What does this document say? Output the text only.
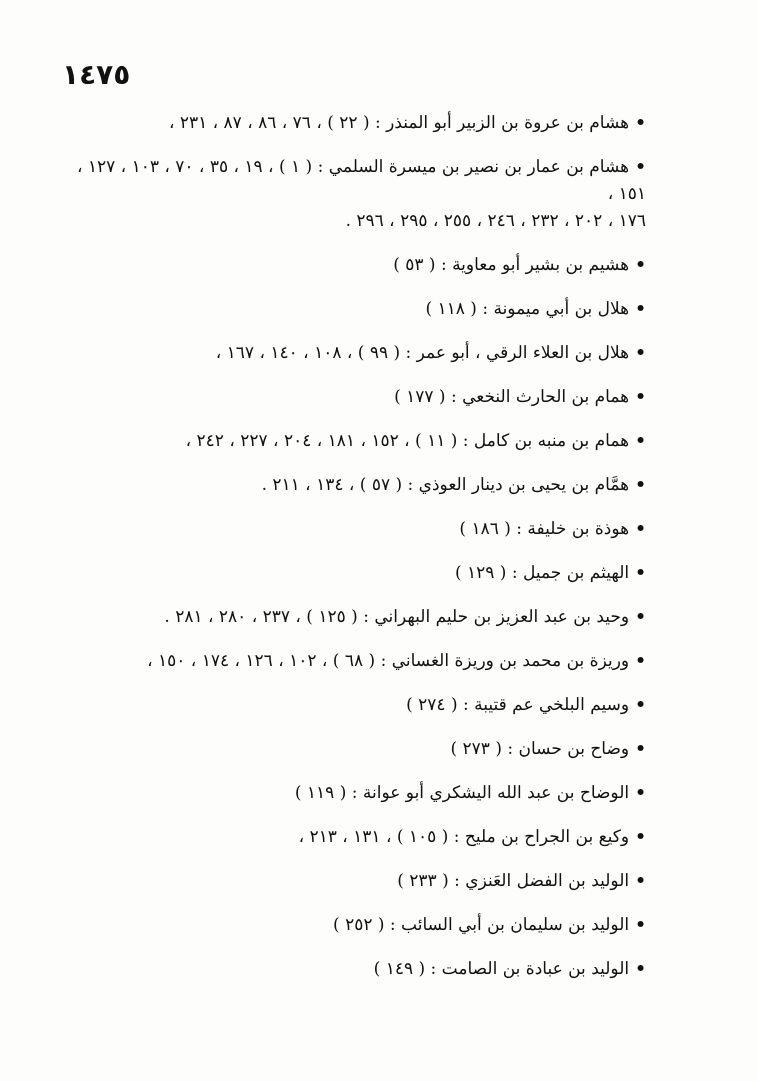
١٤٧٥
•هشام بن عروة بن الزبير أبو المنذر : ( ٢٢ ) ، ٧٦ ، ٨٦ ، ٨٧ ، ٢٣١ ،
•هشام بن عمار بن نصير بن ميسرة السلمي : ( ١ ) ، ١٩ ، ٣٥ ، ٧٠ ، ١٠٣ ، ١٢٧ ، ١٥١ ،
١٧٦ ، ٢٠٢ ، ٢٣٢ ، ٢٤٦ ، ٢٥٥ ، ٢٩٥ ، ٢٩٦ .
•هشيم بن بشير أبو معاوية : ( ٥٣ )
•هلال بن أبي ميمونة : ( ١١٨ )
•هلال بن العلاء الرقي ، أبو عمر : ( ٩٩ ) ، ١٠٨ ، ١٤٠ ، ١٦٧ ،
•همام بن الحارث النخعي : ( ١٧٧ )
•همام بن منبه بن كامل : ( ١١ ) ، ١٥٢ ، ١٨١ ، ٢٠٤ ، ٢٢٧ ، ٢٤٢ ،
•همَّام بن يحيى بن دينار العوذي : ( ٥٧ ) ، ١٣٤ ، ٢١١ .
•هوذة بن خليفة : ( ١٨٦ )
•الهيثم بن جميل : ( ١٢٩ )
•وحيد بن عبد العزيز بن حليم البهراني : ( ١٢٥ ) ، ٢٣٧ ، ٢٨٠ ، ٢٨١ .
•وريزة بن محمد بن وريزة الغساني : ( ٦٨ ) ، ١٠٢ ، ١٢٦ ، ١٧٤ ، ١٥٠ ،
•وسيم البلخي عم قتيبة : ( ٢٧٤ )
•وضاح بن حسان : ( ٢٧٣ )
•الوضاح بن عبد الله اليشكري أبو عوانة : ( ١١٩ )
•وكيع بن الجراح بن مليح : ( ١٠٥ ) ، ١٣١ ، ٢١٣ ،
•الوليد بن الفضل العَنزي : ( ٢٣٣ )
•الوليد بن سليمان بن أبي السائب : ( ٢٥٢ )
•الوليد بن عبادة بن الصامت : ( ١٤٩ )
